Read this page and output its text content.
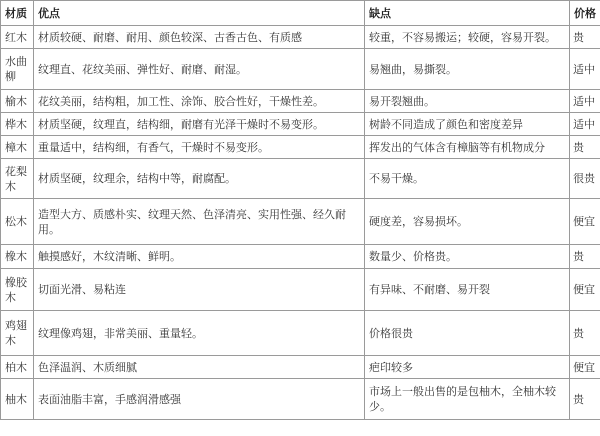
材质	优点	缺点	价格
红木	材质较硬、耐磨、耐用、颜色较深、古香古色、有质感	较重，不容易搬运；较硬，容易开裂。	贵
水曲柳	纹理直、花纹美丽、弹性好、耐磨、耐湿。	易翘曲，易撕裂。	适中
榆木	花纹美丽，结构粗，加工性、涂饰、胶合性好，干燥性差。	易开裂翘曲。	适中
桦木	材质坚硬，纹理直，结构细，耐磨有光泽干燥时不易变形。	树龄不同造成了颜色和密度差异	适中
樟木	重量适中，结构细，有香气，干燥时不易变形。	挥发出的气体含有樟脑等有机物成分	贵
花梨木	材质坚硬，纹理余，结构中等，耐腐配。	不易干燥。	很贵
松木	造型大方、质感朴实、纹理天然、色泽清亮、实用性强、经久耐用。	硬度差，容易损坏。	便宜
橡木	触摸感好，木纹清晰、鲜明。	数量少、价格贵。	贵
橡胶木	切面光滑、易粘连	有异味、不耐磨、易开裂	便宜
鸡翅木	纹理像鸡翅，非常美丽、重量轻。	价格很贵	贵
柏木	色泽温润、木质细腻	疤印较多	便宜
柚木	表面油脂丰富，手感润滑感强	市场上一般出售的是包柚木，全柚木较少。	贵
